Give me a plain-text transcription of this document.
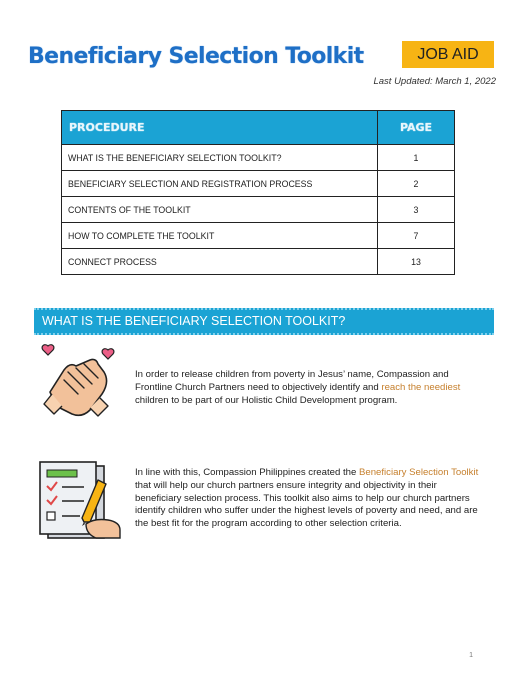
Beneficiary Selection Toolkit	JOB AID
Last Updated: March 1, 2022
PROCEDURE	PAGE
WHAT IS THE BENEFICIARY SELECTION TOOLKIT?	1
BENEFICIARY SELECTION AND REGISTRATION PROCESS	2
CONTENTS OF THE TOOLKIT	3
HOW TO COMPLETE THE TOOLKIT	7
CONNECT PROCESS	13
WHAT IS THE BENEFICIARY SELECTION TOOLKIT?
In order to release children from poverty in Jesus’ name, Compassion and Frontline Church Partners need to objectively identify and reach the neediest children to be part of our Holistic Child Development program.
In line with this, Compassion Philippines created the Beneficiary Selection Toolkit that will help our church partners ensure integrity and objectivity in their beneficiary selection process. This toolkit also aims to help our church partners identify children who suffer under the highest levels of poverty and need, and are the best fit for the program according to other selection criteria.
1
